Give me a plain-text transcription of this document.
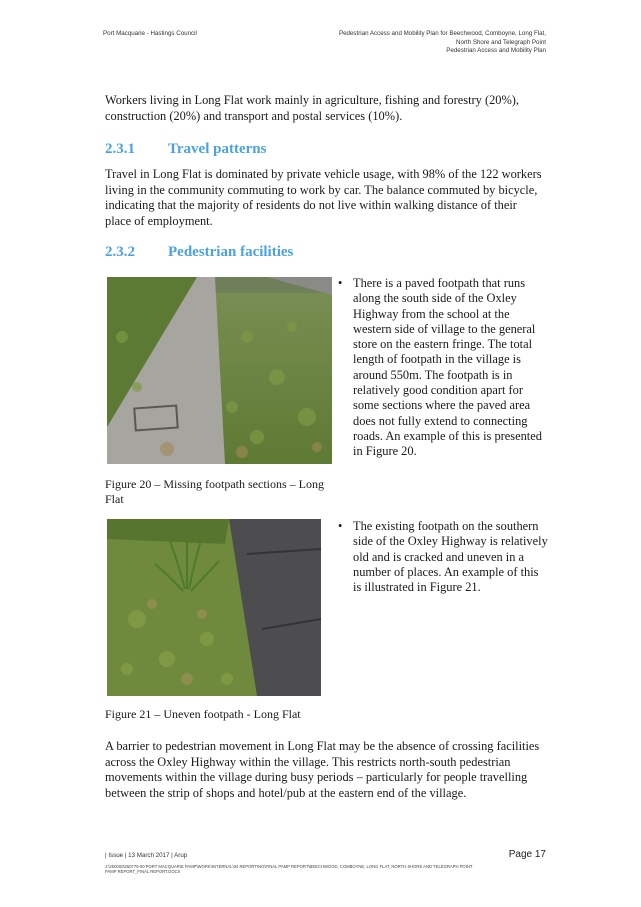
Port Macquarie - Hastings Council	Pedestrian Access and Mobility Plan for Beechwood, Comboyne, Long Flat,
North Shore and Telegraph Point
Pedestrian Access and Mobility Plan

Workers living in Long Flat work mainly in agriculture, fishing and forestry (20%), construction (20%) and transport and postal services (10%).

2.3.1 Travel patterns

Travel in Long Flat is dominated by private vehicle usage, with 98% of the 122 workers living in the community commuting to work by car. The balance commuted by bicycle, indicating that the majority of residents do not live within walking distance of their place of employment.

2.3.2 Pedestrian facilities
Figure 20 – Missing footpath sections – Long Flat
• There is a paved footpath that runs along the south side of the Oxley Highway from the school at the western side of village to the general store on the eastern fringe. The total length of footpath in the village is around 550m. The footpath is in relatively good condition apart for some sections where the paved area does not fully extend to connecting roads. An example of this is presented in Figure 20.
Figure 21 – Uneven footpath - Long Flat
• The existing footpath on the southern side of the Oxley Highway is relatively old and is cracked and uneven in a number of places. An example of this is illustrated in Figure 21.

A barrier to pedestrian movement in Long Flat may be the absence of crossing facilities across the Oxley Highway within the village. This restricts north-south pedestrian movements within the village during busy periods – particularly for people travelling between the strip of shops and hotel/pub at the eastern end of the village.

| Issue | 13 March 2017 | Arup	Page 17
J:\250000\250775-00 PORT MACQUARIE PAMP\WORK\INTERNAL\04 REPORTING\FINAL PAMP REPORT\BEECHWOOD, COMBOYNE, LONG FLAT, NORTH SHORE AND TELEGRAPH POINT PAMP REPORT_FINAL REPORT.DOCX
